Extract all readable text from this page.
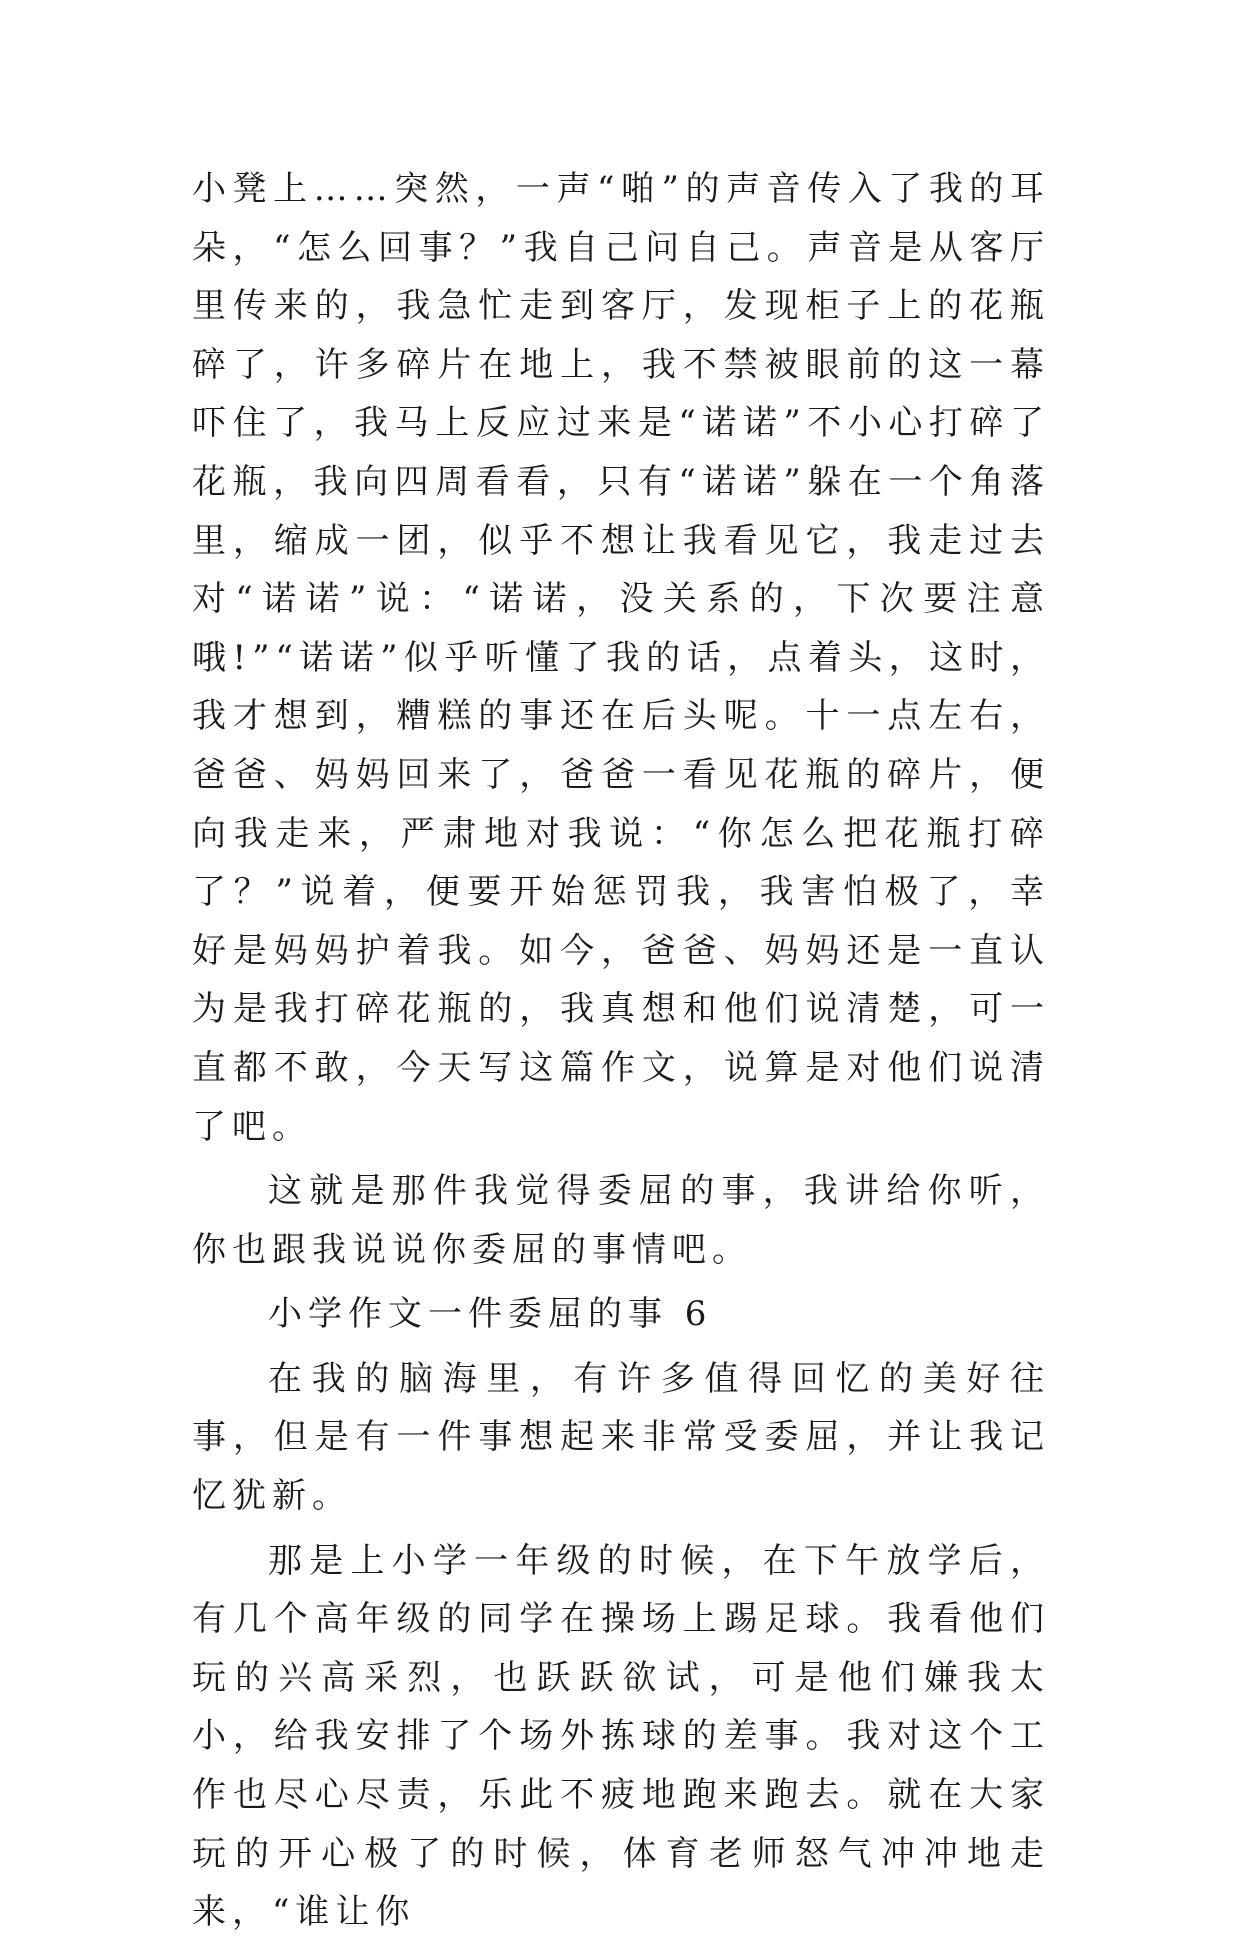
小凳上……突然，一声“啪”的声音传入了我的耳朵，“怎么回事？”我自己问自己。声音是从客厅里传来的，我急忙走到客厅，发现柜子上的花瓶碎了，许多碎片在地上，我不禁被眼前的这一幕吓住了，我马上反应过来是“诺诺”不小心打碎了花瓶，我向四周看看，只有“诺诺”躲在一个角落里，缩成一团，似乎不想让我看见它，我走过去对“诺诺”说：“诺诺，没关系的，下次要注意哦!”“诺诺”似乎听懂了我的话，点着头，这时，我才想到，糟糕的事还在后头呢。十一点左右，爸爸、妈妈回来了，爸爸一看见花瓶的碎片，便向我走来，严肃地对我说：“你怎么把花瓶打碎了？”说着，便要开始惩罚我，我害怕极了，幸好是妈妈护着我。如今，爸爸、妈妈还是一直认为是我打碎花瓶的，我真想和他们说清楚，可一直都不敢，今天写这篇作文，说算是对他们说清了吧。

这就是那件我觉得委屈的事，我讲给你听，你也跟我说说你委屈的事情吧。

小学作文一件委屈的事 6

在我的脑海里，有许多值得回忆的美好往事，但是有一件事想起来非常受委屈，并让我记忆犹新。

那是上小学一年级的时候，在下午放学后，有几个高年级的同学在操场上踢足球。我看他们玩的兴高采烈，也跃跃欲试，可是他们嫌我太小，给我安排了个场外拣球的差事。我对这个工作也尽心尽责，乐此不疲地跑来跑去。就在大家玩的开心极了的时候，体育老师怒气冲冲地走来，“谁让你
